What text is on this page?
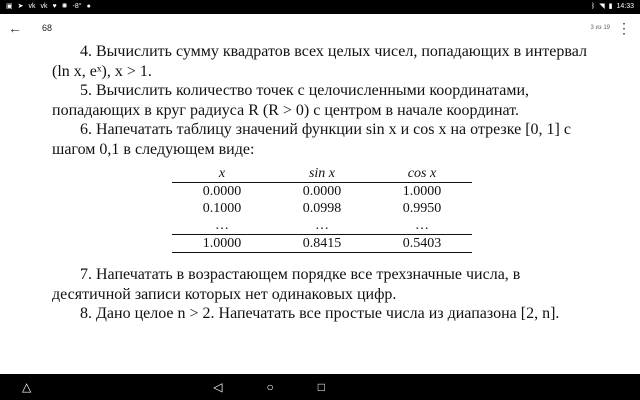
▣ ➤ vk vk ♥ ✺ -8° ●	ᛒ ◥ ▮ 14:33
←	68	3 из 19 ⋮

4. Вычислить сумму квадратов всех целых чисел, попадающих в интервал (ln x, eˣ), x > 1.

5. Вычислить количество точек с целочисленными координатами, попадающих в круг радиуса R (R > 0) с центром в начале координат.

6. Напечатать таблицу значений функции sin x и cos x на отрезке [0, 1] с шагом 0,1 в следующем виде:

x	sin x	cos x
0.0000	0.0000	1.0000
0.1000	0.0998	0.9950
…	…	…
1.0000	0.8415	0.5403

7. Напечатать в возрастающем порядке все трехзначные числа, в десятичной записи которых нет одинаковых цифр.

8. Дано целое n > 2. Напечатать все простые числа из диапазона [2, n].

△	◁	○	□
